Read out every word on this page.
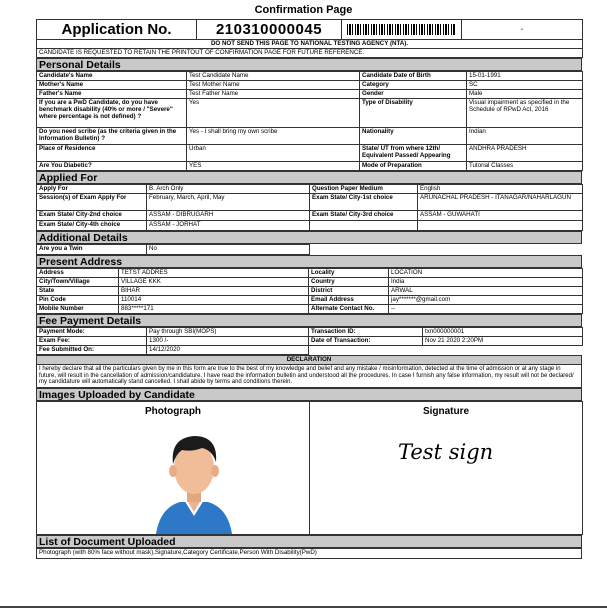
Confirmation Page
Application No.	210310000045		-
DO NOT SEND THIS PAGE TO NATIONAL TESTING AGENCY (NTA).
CANDIDATE IS REQUESTED TO RETAIN THE PRINTOUT OF CONFIRMATION PAGE FOR FUTURE REFERENCE.
Personal Details
Candidate's Name	Test Candidate Name	Candidate Date of Birth	15-01-1991
Mother's Name	Test Mother Name	Category	SC
Father's Name	Test Father Name	Gender	Male
If you are a PwD Candidate, do you have benchmark disability (40% or more / "Severe" where percentage is not defined) ?	Yes	Type of Disability	Visual impairment as specified in the Schedule of RPwD Act, 2016
Do you need scribe (as the criteria given in the Information Bulletin) ?	Yes - I shall bring my own scribe	Nationality	Indian
Place of Residence	Urban	State/ UT from where 12th/ Equivalent Passed/ Appearing	ANDHRA PRADESH
Are You Diabetic?	YES	Mode of Preparation	Tutorial Classes
Applied For
Apply For	B. Arch Only	Question Paper Medium	English
Session(s) of Exam Apply For	February, March, April, May	Exam State/ City-1st choice	ARUNACHAL PRADESH - ITANAGAR/NAHARLAGUN
Exam State/ City-2nd choice	ASSAM - DIBRUGARH	Exam State/ City-3rd choice	ASSAM - GUWAHATI
Exam State/ City-4th choice	ASSAM - JORHAT		
Additional Details
Are you a Twin	No	
Present Address
Address	TETST ADDRES	Locality	LOCATION
City/Town/Village	VILLAGE KKK	Country	India
State	BIHAR	District	ARWAL
Pin Code	110014	Email Address	jay*******@gmail.com
Mobile Number	883*****171	Alternate Contact No.	--
Fee Payment Details
Payment Mode:	Pay through SBI(MOPS)	Transaction ID:	txn000000001
Exam Fee:	1300 /-	Date of Transaction:	Nov 21 2020 2:20PM
Fee Submitted On:	14/12/2020		
DECLARATION
I hereby declare that all the particulars given by me in this form are true to the best of my knowledge and belief and any mistake / misinformation, detected at the time of admission or at any stage in future, will result in the cancellation of admission/candidature. I have read the information bulletin and understood all the procedures. In case I furnish any false information, my result will not be declared/ my candidature will automatically stand cancelled. I shall abide by terms and conditions therein.
Images Uploaded by Candidate
Photograph	Signature
Test sign
List of Document Uploaded
Photograph (with 80% face without mask),Signature,Category Certificate,Person With Disability(PwD)
